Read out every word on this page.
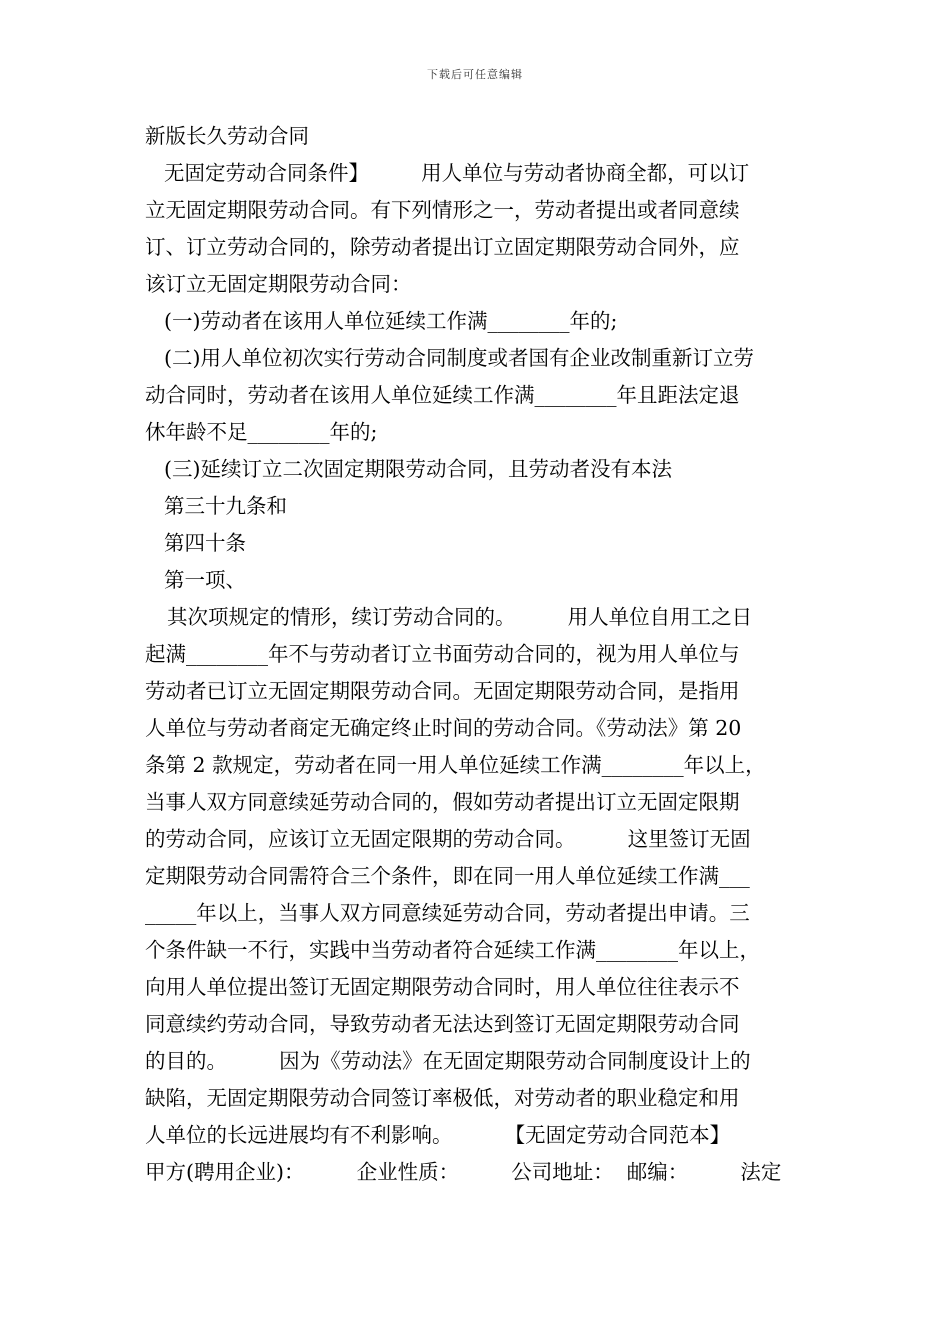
下载后可任意编辑
新版长久劳动合同
无固定劳动合同条件】        用人单位与劳动者协商全都，可以订
立无固定期限劳动合同。有下列情形之一，劳动者提出或者同意续
订、订立劳动合同的，除劳动者提出订立固定期限劳动合同外，应
该订立无固定期限劳动合同：
(一)劳动者在该用人单位延续工作满________年的;
(二)用人单位初次实行劳动合同制度或者国有企业改制重新订立劳
动合同时，劳动者在该用人单位延续工作满________年且距法定退
休年龄不足________年的;
(三)延续订立二次固定期限劳动合同，且劳动者没有本法
第三十九条和
第四十条
第一项、
其次项规定的情形，续订劳动合同的。        用人单位自用工之日
起满________年不与劳动者订立书面劳动合同的，视为用人单位与
劳动者已订立无固定期限劳动合同。无固定期限劳动合同，是指用
人单位与劳动者商定无确定终止时间的劳动合同。《劳动法》第 20
条第 2 款规定，劳动者在同一用人单位延续工作满________年以上，
当事人双方同意续延劳动合同的，假如劳动者提出订立无固定限期
的劳动合同，应该订立无固定限期的劳动合同。        这里签订无固
定期限劳动合同需符合三个条件，即在同一用人单位延续工作满___
_____年以上，当事人双方同意续延劳动合同，劳动者提出申请。三
个条件缺一不行，实践中当劳动者符合延续工作满________年以上，
向用人单位提出签订无固定期限劳动合同时，用人单位往往表示不
同意续约劳动合同，导致劳动者无法达到签订无固定期限劳动合同
的目的。        因为《劳动法》在无固定期限劳动合同制度设计上的
缺陷，无固定期限劳动合同签订率极低，对劳动者的职业稳定和用
人单位的长远进展均有不利影响。        【无固定劳动合同范本】
甲方(聘用企业)：        企业性质：        公司地址：  邮编：        法定
